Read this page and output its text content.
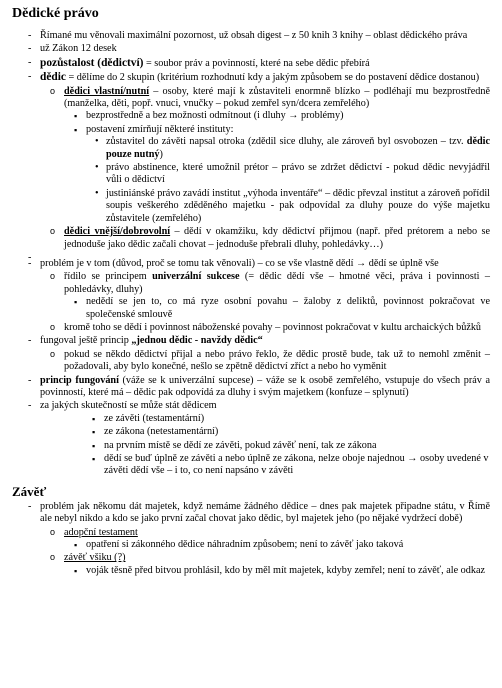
Dědické právo
- Římané mu věnovali maximální pozornost, už obsah digest – z 50 knih 3 knihy – oblast dědického práva
- už Zákon 12 desek
- pozůstalost (dědictví) = soubor práv a povinností, které na sebe dědic přebírá
- dědic = dělíme do 2 skupin (kritérium rozhodnutí kdy a jakým způsobem se do postavení dědice dostanou)
o dědici vlastní/nutní – osoby, které mají k zůstaviteli enormně blízko – podléhají mu bezprostředně (manželka, děti, popř. vnuci, vnučky – pokud zemřel syn/dcera zemřelého)
▪ bezprostředně a bez možnosti odmítnout (i dluhy → problémy)
▪ postavení zmírňují některé instituty:
• zůstavitel do závěti napsal otroka (zdědil sice dluhy, ale zároveň byl osvobozen – tzv. dědic pouze nutný)
• právo abstinence, které umožnil prétor – právo se zdržet dědictví - pokud dědic nevyjádřil vůli o dědictví
• justiniánské právo zavádí institut „výhoda inventáře“ – dědic převzal institut a zároveň pořídil soupis veškerého zděděného majetku - pak odpovídal za dluhy pouze do výše majetku zůstavitele (zemřelého)
o dědici vnější/dobrovolní – dědí v okamžiku, kdy dědictví přijmou (např. před prétorem a nebo se jednoduše jako dědic začali chovat – jednoduše přebrali dluhy, pohledávky…)
-
- problém je v tom (důvod, proč se tomu tak věnovali) – co se vše vlastně dědí → dědí se úplně vše
o řídilo se principem univerzální sukcese (= dědic dědí vše – hmotné věci, práva i povinnosti – pohledávky, dluhy)
▪ nedědí se jen to, co má ryze osobní povahu – žaloby z deliktů, povinnost pokračovat ve společenské smlouvě
o kromě toho se dědí i povinnost náboženské povahy – povinnost pokračovat v kultu archaických bůžků
- fungoval ještě princip „jednou dědic - navždy dědic“
o pokud se někdo dědictví přijal a nebo právo řeklo, že dědic prostě bude, tak už to nemohl změnit – požadovali, aby bylo konečné, nešlo se zpětně dědictví zříct a nebo ho vyměnit
- princip fungování (váže se k univerzální supcese) – váže se k osobě zemřelého, vstupuje do všech práv a povinností, které má – dědic pak odpovídá za dluhy i svým majetkem (konfuze – splynutí)
- za jakých skutečností se může stát dědicem
▪ ze závěti (testamentární)
▪ ze zákona (netestamentární)
▪ na prvním místě se dědí ze závěti, pokud závěť není, tak ze zákona
▪ dědí se buď úplně ze závěti a nebo úplně ze zákona, nelze oboje najednou → osoby uvedené v závěti dědí vše – i to, co není napsáno v závěti
Závěť
- problém jak někomu dát majetek, když nemáme žádného dědice – dnes pak majetek připadne státu, v Římě ale nebyl nikdo a kdo se jako první začal chovat jako dědic, byl majetek jeho (po nějaké vydržecí době)
o adopční testament
▪ opatření si zákonného dědice náhradním způsobem; není to závěť jako taková
o závěť všiku (?)
▪ voják těsně před bitvou prohlásil, kdo by měl mít majetek, kdyby zemřel; není to závěť, ale odkaz
